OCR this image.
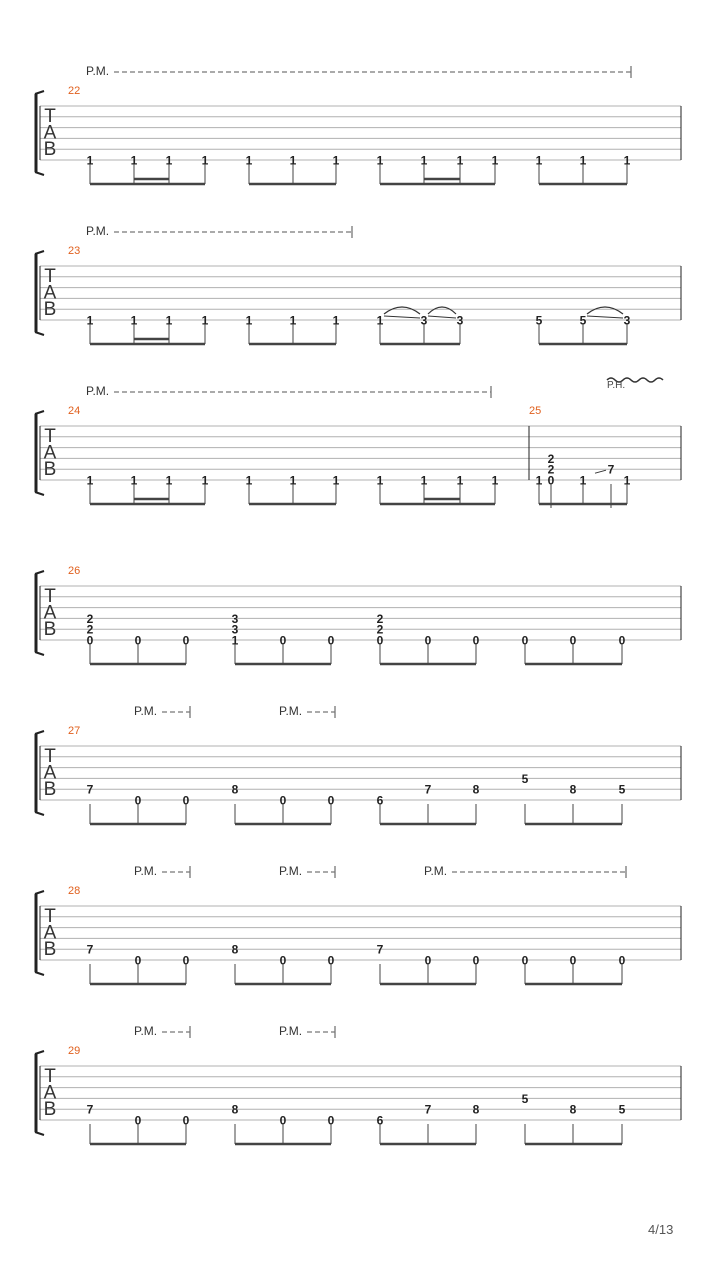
T
A
B
22
P.M.
1	1 1 1	1	1	1	1	1 1 1	1	1	1
T
A
B
23
P.M.
1	1 1 1	1	1	1	1	3 3	5	5	3
T
A
B
24	25
P.M.	P.H.
1	1 1 1	1	1	1	1	1 1 1	1	1	1
2
2
0
7
T
A
B
26
2
2
0	0	0
3
3
1	0	0
2
2
0	0	0	0	0	0
T
A
B
27
P.M.	P.M.
7
0	0
8
0	0	6
7	8
5
8	5
T
A
B
28
P.M.	P.M.	P.M.
7
0	0
8
0	0
7
0	0	0	0	0
T
A
B
29
P.M.	P.M.
7
0	0
8
0	0	6
7	8
5
8	5
4/13
